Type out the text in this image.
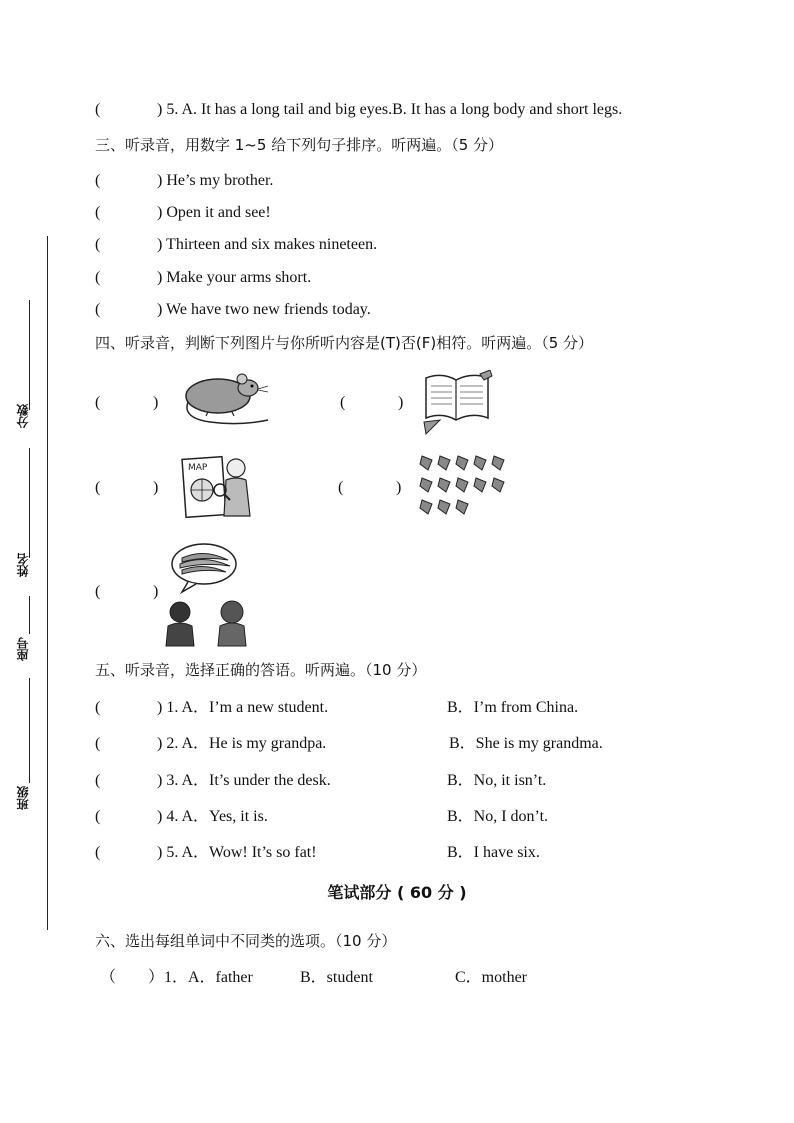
分数
姓名
座号
班级
(	) 5. A. It has a long tail and big eyes.B. It has a long body and short legs.
三、听录音，用数字 1~5 给下列句子排序。听两遍。（5 分）
(	) He’s my brother.
(	) Open it and see!
(	) Thirteen and six makes nineteen.
(	) Make your arms short.
(	) We have two new friends today.
四、听录音，判断下列图片与你所听内容是(T)否(F)相符。听两遍。（5 分）
(	)	(	)
(	)
MAP
(	)
(	)
五、听录音，选择正确的答语。听两遍。（10 分）
(	) 1. A．I’m a new student.	B．I’m from China.
(	) 2. A．He is my grandpa.	B．She is my grandma.
(	) 3. A．It’s under the desk.	B．No, it isn’t.
(	) 4. A．Yes, it is.	B．No, I don’t.
(	) 5. A．Wow! It’s so fat!	B．I have six.
笔试部分 ( 60 分 )
六、选出每组单词中不同类的选项。（10 分）
（　　）1． A．father	B．student	C．mother
